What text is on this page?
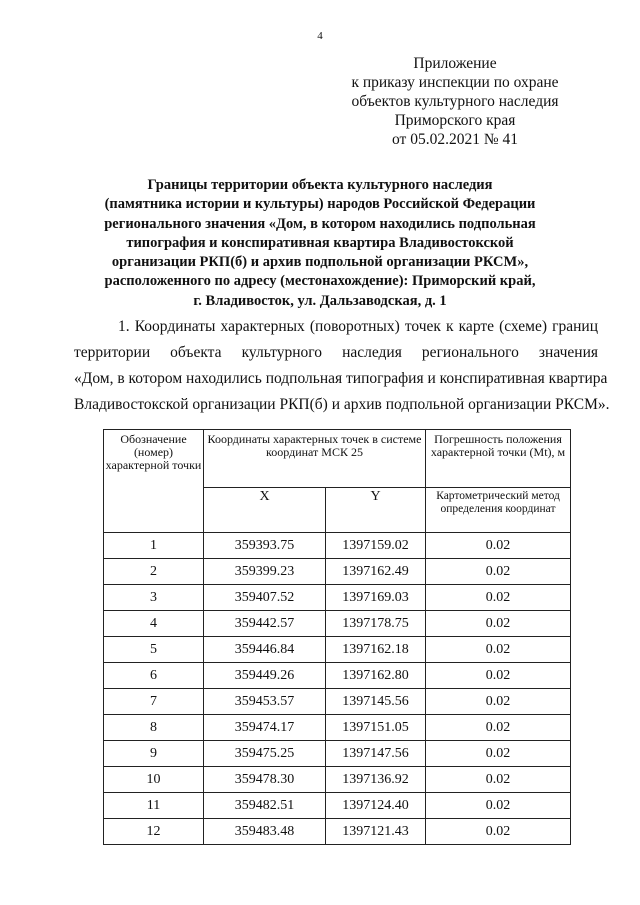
4
Приложение
к приказу инспекции по охране
объектов культурного наследия
Приморского края
от 05.02.2021 № 41
Границы территории объекта культурного наследия
(памятника истории и культуры) народов Российской Федерации
регионального значения «Дом, в котором находились подпольная
типография и конспиративная квартира Владивостокской
организации РКП(б) и архив подпольной организации РКСМ»,
расположенного по адресу (местонахождение): Приморский край,
г. Владивосток, ул. Дальзаводская, д. 1
1. Координаты характерных (поворотных) точек к карте (схеме) границ
территории объекта культурного наследия регионального значения
«Дом, в котором находились подпольная типография и конспиративная квартира
Владивостокской организации РКП(б) и архив подпольной организации РКСМ».
Обозначение (номер) характерной точки	Координаты характерных точек в системе координат МСК 25		Погрешность положения характерной точки (Mt), м
	X	Y	Картометрический метод определения координат
1	359393.75	1397159.02	0.02
2	359399.23	1397162.49	0.02
3	359407.52	1397169.03	0.02
4	359442.57	1397178.75	0.02
5	359446.84	1397162.18	0.02
6	359449.26	1397162.80	0.02
7	359453.57	1397145.56	0.02
8	359474.17	1397151.05	0.02
9	359475.25	1397147.56	0.02
10	359478.30	1397136.92	0.02
11	359482.51	1397124.40	0.02
12	359483.48	1397121.43	0.02
